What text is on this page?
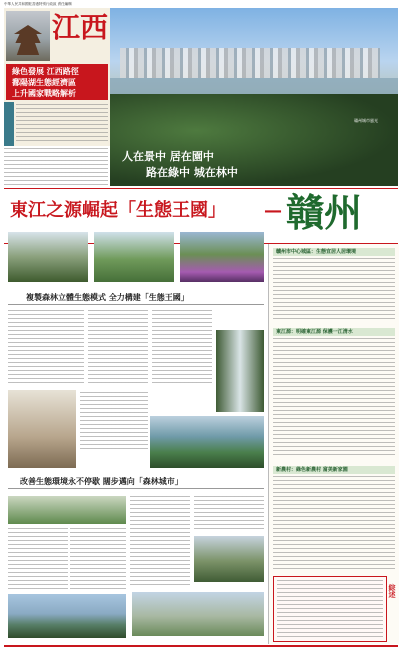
中華人民共和國駐香港特別行政區 責任編輯
江西
綠色發展 江西路徑
鄱陽湖生態經濟區
上升國家戰略解析
人在景中 居在園中
路在綠中 城在林中
贛州城市風光
東江之源崛起「生態王國」 — 贛州
複製森林立體生態模式 全力構建「生態王國」
改善生態環境永不停歇 闊步邁向「森林城市」
贛州市中心城區：生態宜居人居環境
東江源：明確東江源 保護一江清水
新農村：綠色新農村 富美新家園
綜述
